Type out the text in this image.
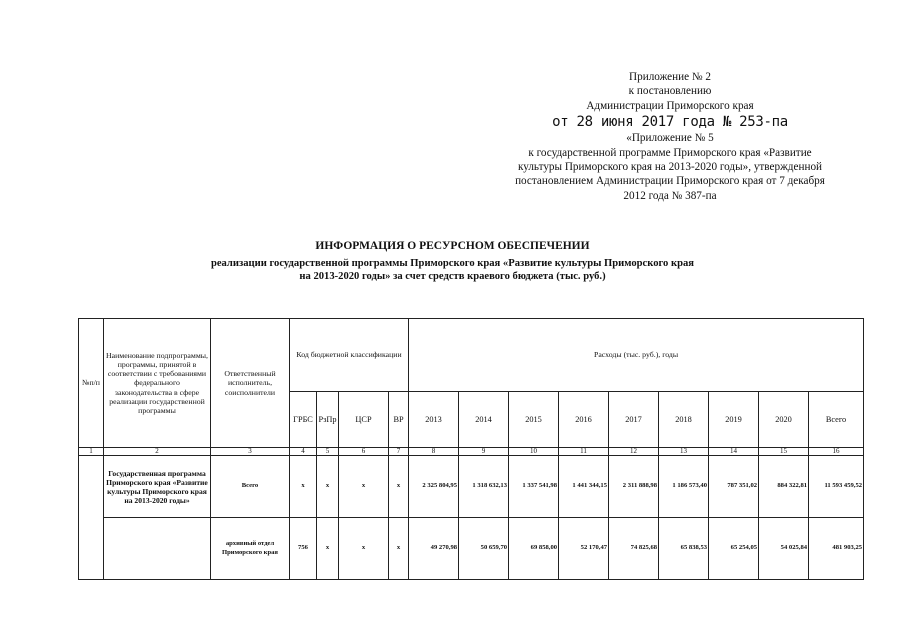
Приложение № 2
к постановлению
Администрации Приморского края
от 28 июня 2017 года № 253-па
«Приложение № 5
к государственной программе Приморского края «Развитие
культуры Приморского края на 2013-2020 годы», утвержденной
постановлением Администрации Приморского края от 7 декабря
2012 года № 387-па
ИНФОРМАЦИЯ О РЕСУРСНОМ ОБЕСПЕЧЕНИИ
реализации государственной программы Приморского края «Развитие культуры Приморского края
на 2013-2020 годы» за счет средств краевого бюджета (тыс. руб.)
№п/п	Наименование подпрограммы, программы, принятой в соответствии с требованиями федерального законодательства в сфере реализации государственной программы	Ответственный исполнитель, соисполнители	Код бюджетной классификации				Расходы (тыс. руб.), годы								
			ГРБС	РзПр	ЦСР	ВР	2013	2014	2015	2016	2017	2018	2019	2020	Всего
1	2	3	4	5	6	7	8	9	10	11	12	13	14	15	16
	Государственная программа Приморского края «Развитие культуры Приморского края на 2013-2020 годы»	Всего	x	x	x	x	2 325 804,95	1 318 632,13	1 337 541,98	1 441 344,15	2 311 888,98	1 186 573,40	787 351,02	884 322,81	11 593 459,52
		архивный отдел Приморского края	756	x	x	x	49 270,98	50 659,70	69 858,00	52 170,47	74 825,68	65 838,53	65 254,05	54 025,84	481 903,25
